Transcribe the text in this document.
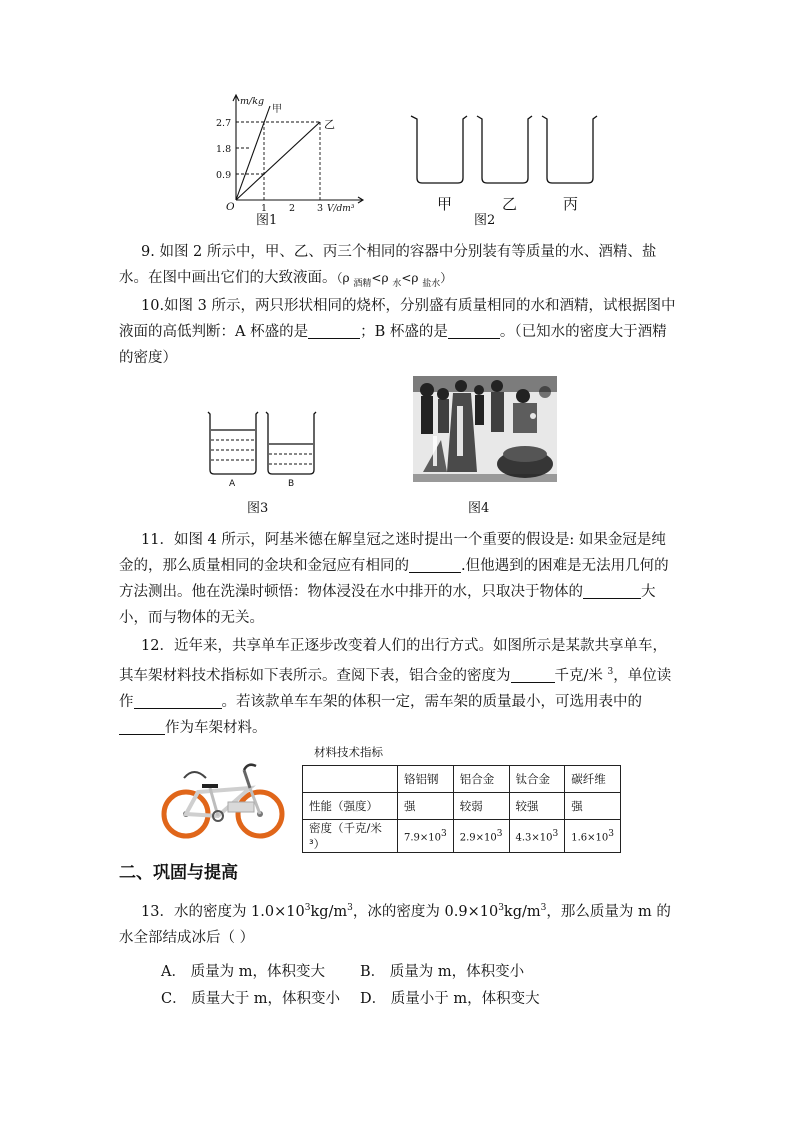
m/kg
2.7
1.8
0.9
O	1 2 3 V/dm³
甲
乙
图1
甲	乙	丙
图2
9. 如图 2 所示中，甲、乙、丙三个相同的容器中分别装有等质量的水、酒精、盐水。在图中画出它们的大致液面。（ρ $_{酒精}$<ρ $_水$<ρ $_{盐水}$）
10.如图 3 所示，两只形状相同的烧杯，分别盛有质量相同的水和酒精，试根据图中液面的高低判断：A 杯盛的是	；B 杯盛的是	。（已知水的密度大于酒精的密度）
A	B
图3	图4
11．如图 4 所示，阿基米德在解皇冠之迷时提出一个重要的假设是: 如果金冠是纯金的，那么质量相同的金块和金冠应有相同的	.但他遇到的困难是无法用几何的方法测出。他在洗澡时顿悟：物体浸没在水中排开的水，只取决于物体的	大小，而与物体的无关。
12．近年来，共享单车正逐步改变着人们的出行方式。如图所示是某款共享单车，其车架材料技术指标如下表所示。查阅下表，铝合金的密度为	千克/米 $^3$，单位读作	。若该款单车车架的体积一定，需车架的质量最小，可选用表中的作为车架材料。
材料技术指标
	铬铝钢	铝合金	钛合金	碳纤维
性能（强度）	强	较弱	较强	强
密度（千克/米 ³）	$7.9\times 10^3$	$2.9\times 10^3$	$4.3\times 10^3$	$1.6\times 10^3$
二、巩固与提高
13．水的密度为 $1.0\times 10^3kg/m^3$，冰的密度为 $0.9\times 10^3kg/m^3$，那么质量为 m 的水全部结成冰后（ ）
A． 质量为 m，体积变大 B． 质量为 m，体积变小
C． 质量大于 m，体积变小 D． 质量小于 m，体积变大
